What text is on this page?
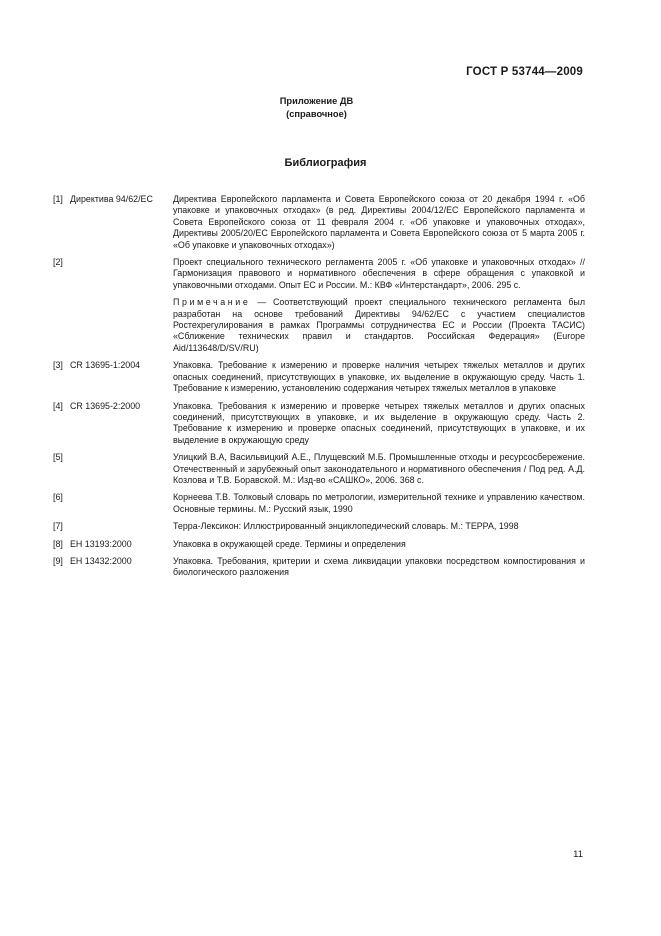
ГОСТ Р 53744—2009
Приложение ДВ
(справочное)
Библиография
[1] Директива 94/62/ЕС	Директива Европейского парламента и Совета Европейского союза от 20 декабря 1994 г. «Об упаковке и упаковочных отходах» (в ред. Директивы 2004/12/ЕС Европейского парламента и Совета Европейского союза от 11 февраля 2004 г. «Об упаковке и упаковочных отходах», Директивы 2005/20/ЕС Европейского парламента и Совета Европейского союза от 5 марта 2005 г. «Об упаковке и упаковочных отходах»)
[2]	Проект специального технического регламента 2005 г. «Об упаковке и упаковочных отходах» // Гармонизация правового и нормативного обеспечения в сфере обращения с упаковкой и упаковочными отходами. Опыт ЕС и России. М.: КВФ «Интерстандарт», 2006. 295 с.
Примечание — Соответствующий проект специального технического регламента был разработан на основе требований Директивы 94/62/ЕС с участием специалистов Ростехрегулирования в рамках Программы сотрудничества ЕС и России (Проекта ТАСИС) «Сближение технических правил и стандартов. Российская Федерация» (Europe Aid/113648/D/SV/RU)
[3] CR 13695-1:2004	Упаковка. Требование к измерению и проверке наличия четырех тяжелых металлов и других опасных соединений, присутствующих в упаковке, их выделение в окружающую среду. Часть 1. Требование к измерению, установлению содержания четырех тяжелых металлов в упаковке
[4] CR 13695-2:2000	Упаковка. Требования к измерению и проверке четырех тяжелых металлов и других опасных соединений, присутствующих в упаковке, и их выделение в окружающую среду. Часть 2. Требование к измерению и проверке опасных соединений, присутствующих в упаковке, и их выделение в окружающую среду
[5]	Улицкий В.А, Васильвицкий А.Е., Плущевский М.Б. Промышленные отходы и ресурсосбережение. Отечественный и зарубежный опыт законодательного и нормативного обеспечения / Под ред. А.Д. Козлова и Т.В. Боравской. М.: Изд-во «САШКО», 2006. 368 с.
[6]	Корнеева Т.В. Толковый словарь по метрологии, измерительной технике и управлению качеством. Основные термины. М.: Русский язык, 1990
[7]	Терра-Лексикон: Иллюстрированный энциклопедический словарь. М.: ТЕРРА, 1998
[8] EH 13193:2000	Упаковка в окружающей среде. Термины и определения
[9] EH 13432:2000	Упаковка. Требования, критерии и схема ликвидации упаковки посредством компостирования и биологического разложения
11
